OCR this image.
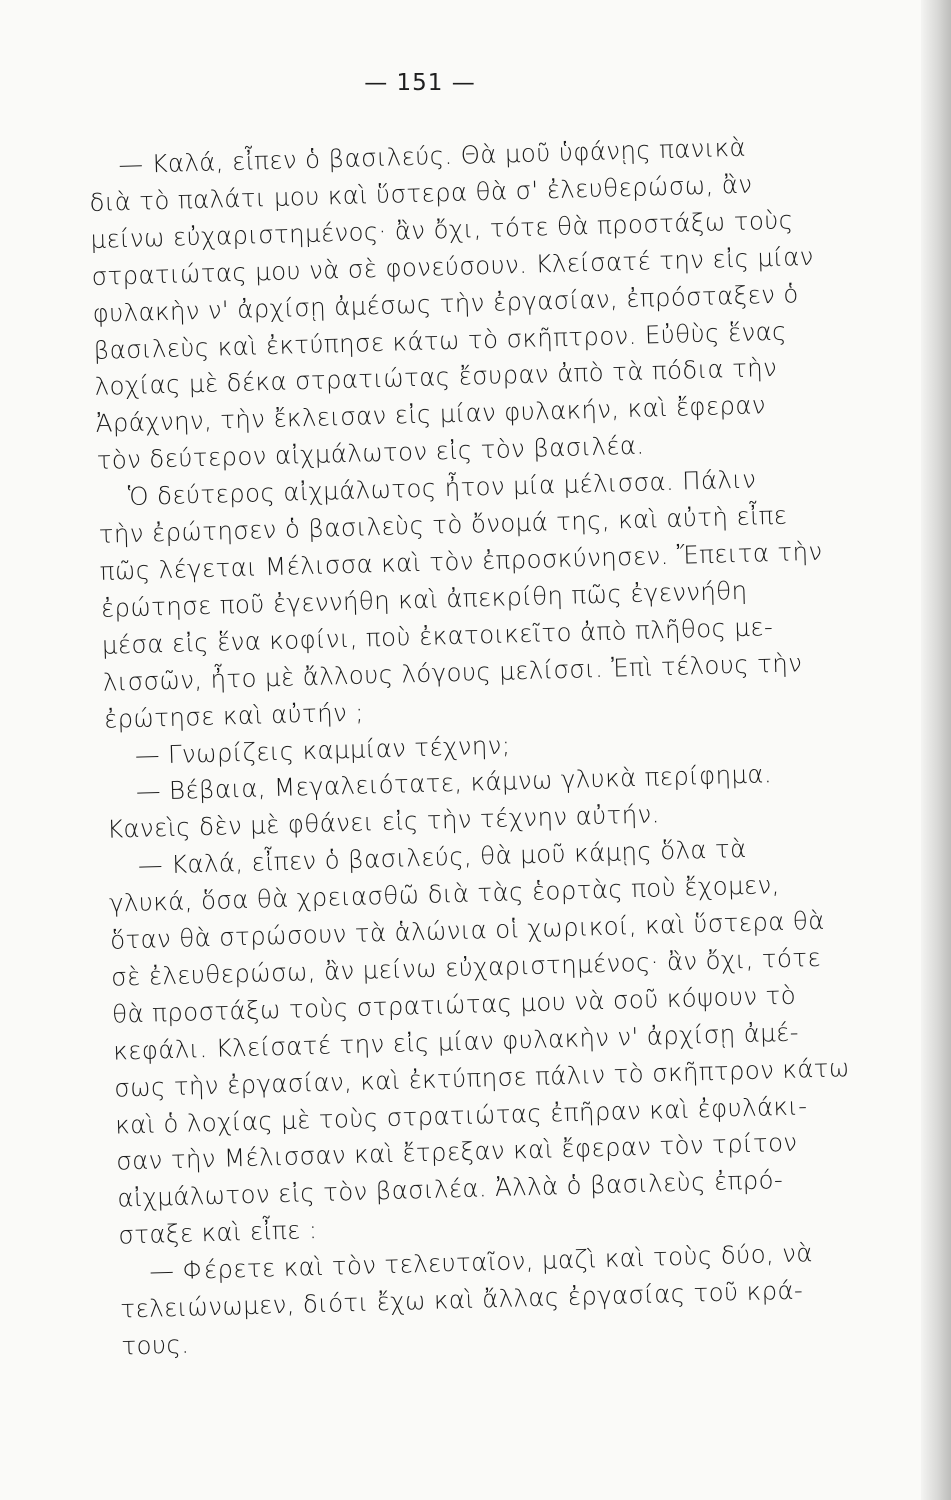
— 151 —
— Καλά, εἶπεν ὁ βασιλεύς. Θὰ μοῦ ὑφάνῃς πανικὰ
διὰ τὸ παλάτι μου καὶ ὕστερα θὰ σ' ἐλευθερώσω, ἂν
μείνω εὐχαριστημένος· ἂν ὄχι, τότε θὰ προστάξω τοὺς
στρατιώτας μου νὰ σὲ φονεύσουν. Κλείσατέ την εἰς μίαν
φυλακὴν ν' ἀρχίσῃ ἀμέσως τὴν ἐργασίαν, ἐπρόσταξεν ὁ
βασιλεὺς καὶ ἐκτύπησε κάτω τὸ σκῆπτρον. Εὐθὺς ἕνας
λοχίας μὲ δέκα στρατιώτας ἔσυραν ἀπὸ τὰ πόδια τὴν
Ἀράχνην, τὴν ἔκλεισαν εἰς μίαν φυλακήν, καὶ ἔφεραν
τὸν δεύτερον αἰχμάλωτον εἰς τὸν βασιλέα.
Ὁ δεύτερος αἰχμάλωτος ἦτον μία μέλισσα. Πάλιν
τὴν ἐρώτησεν ὁ βασιλεὺς τὸ ὄνομά της, καὶ αὐτὴ εἶπε
πῶς λέγεται Μέλισσα καὶ τὸν ἐπροσκύνησεν. Ἔπειτα τὴν
ἐρώτησε ποῦ ἐγεννήθη καὶ ἀπεκρίθη πῶς ἐγεννήθη
μέσα εἰς ἕνα κοφίνι, ποὺ ἐκατοικεῖτο ἀπὸ πλῆθος με-
λισσῶν, ἦτο μὲ ἄλλους λόγους μελίσσι. Ἐπὶ τέλους τὴν
ἐρώτησε καὶ αὐτήν ;
— Γνωρίζεις καμμίαν τέχνην;
— Βέβαια, Μεγαλειότατε, κάμνω γλυκὰ περίφημα.
Κανεὶς δὲν μὲ φθάνει εἰς τὴν τέχνην αὐτήν.
— Καλά, εἶπεν ὁ βασιλεύς, θὰ μοῦ κάμῃς ὅλα τὰ
γλυκά, ὅσα θὰ χρειασθῶ διὰ τὰς ἑορτὰς ποὺ ἔχομεν,
ὅταν θὰ στρώσουν τὰ ἁλώνια οἱ χωρικοί, καὶ ὕστερα θὰ
σὲ ἐλευθερώσω, ἂν μείνω εὐχαριστημένος· ἂν ὄχι, τότε
θὰ προστάξω τοὺς στρατιώτας μου νὰ σοῦ κόψουν τὸ
κεφάλι. Κλείσατέ την εἰς μίαν φυλακὴν ν' ἀρχίσῃ ἀμέ-
σως τὴν ἐργασίαν, καὶ ἐκτύπησε πάλιν τὸ σκῆπτρον κάτω
καὶ ὁ λοχίας μὲ τοὺς στρατιώτας ἐπῆραν καὶ ἐφυλάκι-
σαν τὴν Μέλισσαν καὶ ἔτρεξαν καὶ ἔφεραν τὸν τρίτον
αἰχμάλωτον εἰς τὸν βασιλέα. Ἀλλὰ ὁ βασιλεὺς ἐπρό-
σταξε καὶ εἶπε :
— Φέρετε καὶ τὸν τελευταῖον, μαζὶ καὶ τοὺς δύο, νὰ
τελειώνωμεν, διότι ἔχω καὶ ἄλλας ἐργασίας τοῦ κρά-
τους.
